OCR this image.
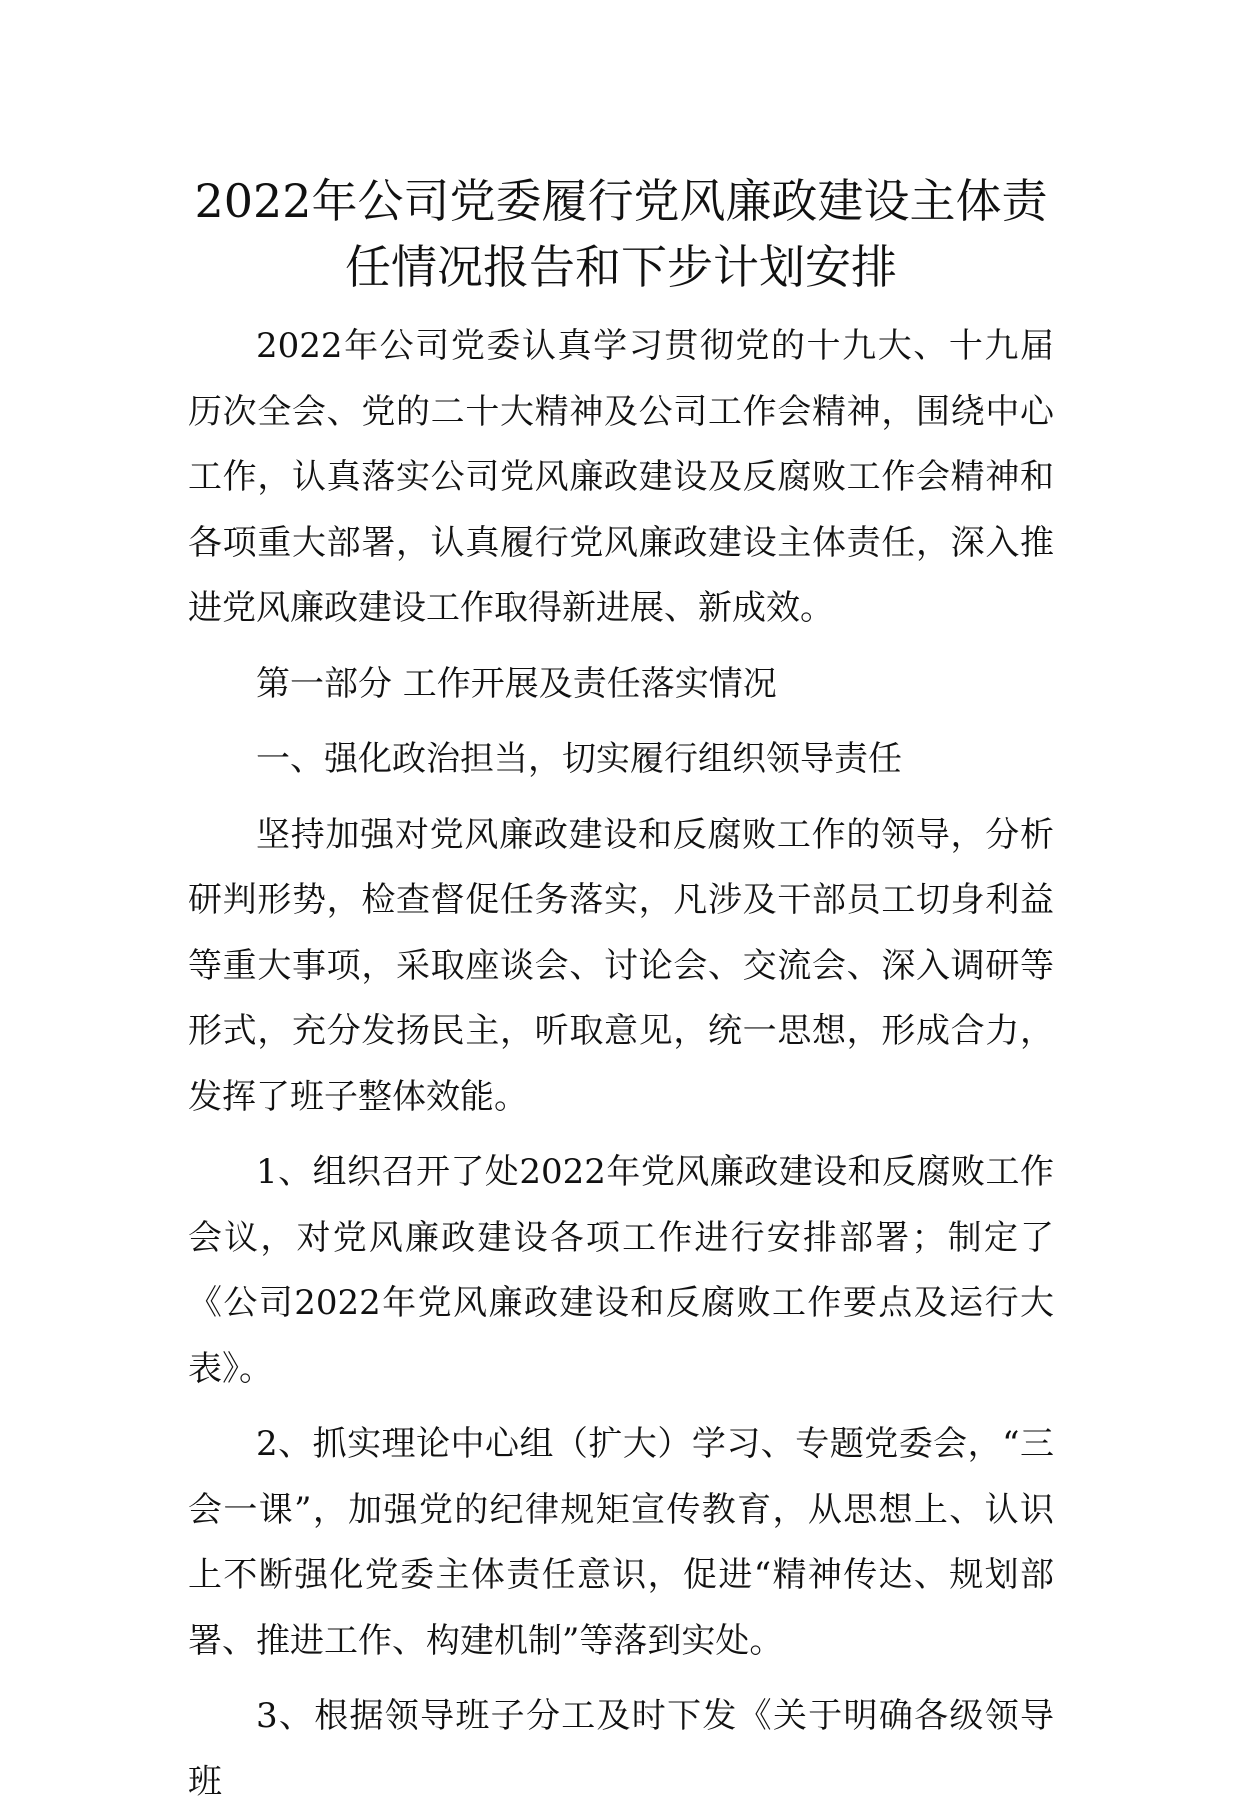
2022年公司党委履行党风廉政建设主体责
任情况报告和下步计划安排

2022年公司党委认真学习贯彻党的十九大、十九届历次全会、党的二十大精神及公司工作会精神，围绕中心工作，认真落实公司党风廉政建设及反腐败工作会精神和各项重大部署，认真履行党风廉政建设主体责任，深入推进党风廉政建设工作取得新进展、新成效。

第一部分 工作开展及责任落实情况

一、强化政治担当，切实履行组织领导责任

坚持加强对党风廉政建设和反腐败工作的领导，分析研判形势，检查督促任务落实，凡涉及干部员工切身利益等重大事项，采取座谈会、讨论会、交流会、深入调研等形式，充分发扬民主，听取意见，统一思想，形成合力，发挥了班子整体效能。

1、组织召开了处2022年党风廉政建设和反腐败工作会议，对党风廉政建设各项工作进行安排部署；制定了《公司2022年党风廉政建设和反腐败工作要点及运行大表》。

2、抓实理论中心组（扩大）学习、专题党委会，“三会一课”，加强党的纪律规矩宣传教育，从思想上、认识上不断强化党委主体责任意识，促进“精神传达、规划部署、推进工作、构建机制”等落到实处。

3、根据领导班子分工及时下发《关于明确各级领导班
